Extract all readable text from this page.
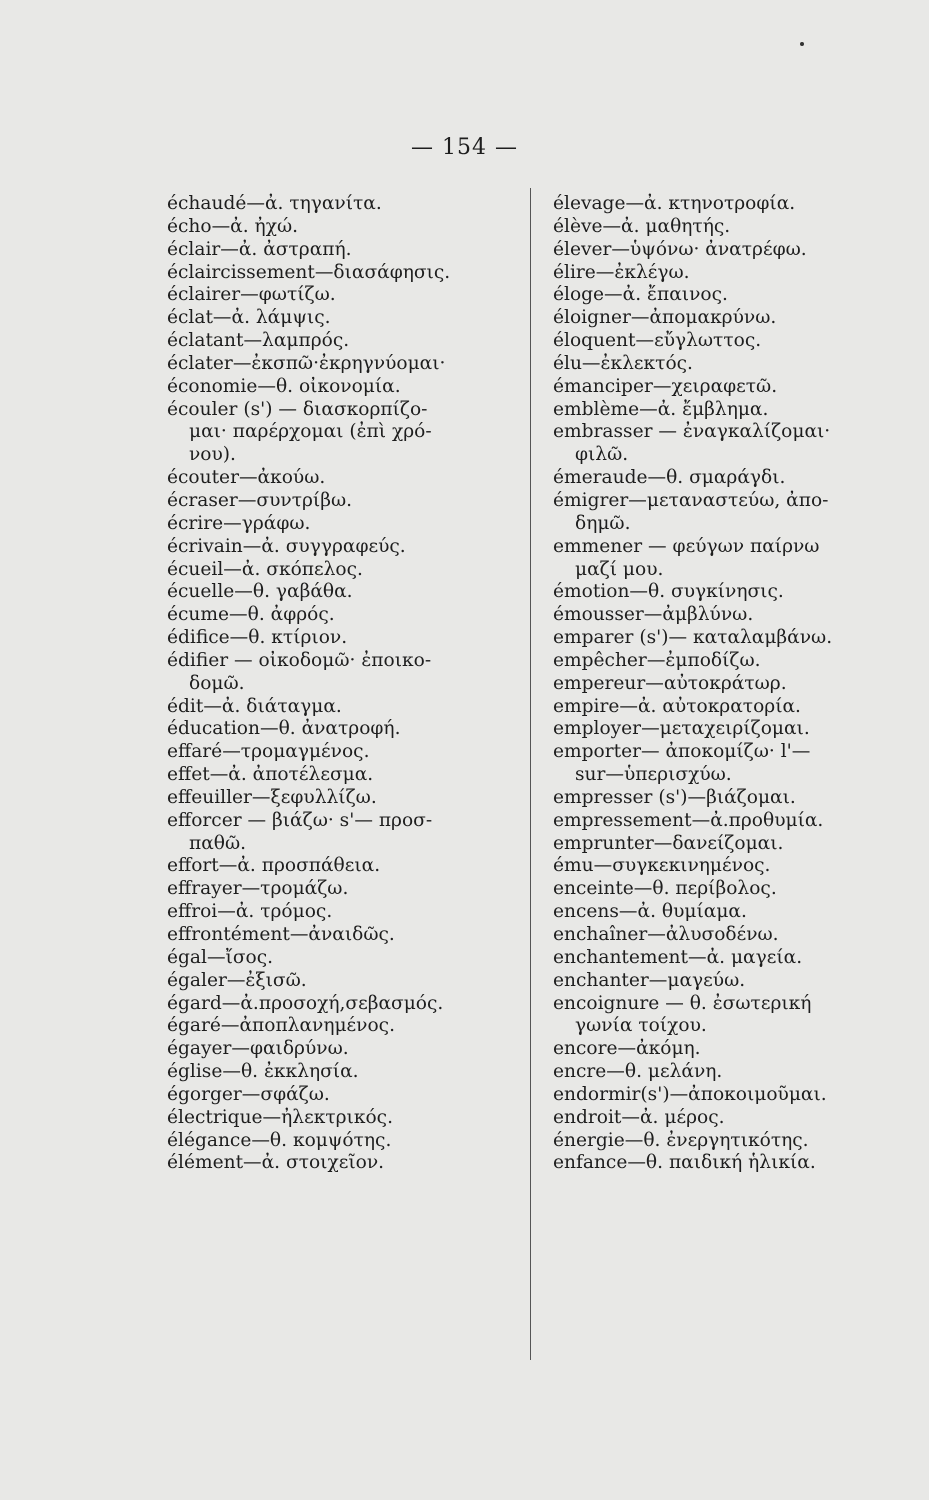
— 154 —
échaudé—ἀ. τηγανίτα.
écho—ἀ. ἠχώ.
éclair—ἀ. ἀστραπή.
éclaircissement—διασάφησις.
éclairer—φωτίζω.
éclat—ἀ. λάμψις.
éclatant—λαμπρός.
éclater—ἐκσπῶ·ἐκρηγνύομαι·
économie—θ. οἰκονομία.
écouler (s') — διασκορπίζο-
μαι· παρέρχομαι (ἐπὶ χρό-
νου).
écouter—ἀκούω.
écraser—συντρίβω.
écrire—γράφω.
écrivain—ἀ. συγγραφεύς.
écueil—ἀ. σκόπελος.
écuelle—θ. γαβάθα.
écume—θ. ἀφρός.
édifice—θ. κτίριον.
édifier — οἰκοδομῶ· ἐποικο-
δομῶ.
édit—ἀ. διάταγμα.
éducation—θ. ἀνατροφή.
effaré—τρομαγμένος.
effet—ἀ. ἀποτέλεσμα.
effeuiller—ξεφυλλίζω.
efforcer — βιάζω· s'— προσ-
παθῶ.
effort—ἀ. προσπάθεια.
effrayer—τρομάζω.
effroi—ἀ. τρόμος.
effrontément—ἀναιδῶς.
égal—ἴσος.
égaler—ἐξισῶ.
égard—ἀ.προσοχή,σεβασμός.
égaré—ἀποπλανημένος.
égayer—φαιδρύνω.
église—θ. ἐκκλησία.
égorger—σφάζω.
électrique—ἠλεκτρικός.
élégance—θ. κομψότης.
élément—ἀ. στοιχεῖον.
élevage—ἀ. κτηνοτροφία.
élève—ἀ. μαθητής.
élever—ὑψόνω· ἀνατρέφω.
élire—ἐκλέγω.
éloge—ἀ. ἔπαινος.
éloigner—ἀπομακρύνω.
éloquent—εὔγλωττος.
élu—ἐκλεκτός.
émanciper—χειραφετῶ.
emblème—ἀ. ἔμβλημα.
embrasser — ἐναγκαλίζομαι·
φιλῶ.
émeraude—θ. σμαράγδι.
émigrer—μεταναστεύω, ἀπο-
δημῶ.
emmener — φεύγων παίρνω
μαζί μου.
émotion—θ. συγκίνησις.
émousser—ἀμβλύνω.
emparer (s')— καταλαμβάνω.
empêcher—ἐμποδίζω.
empereur—αὐτοκράτωρ.
empire—ἀ. αὐτοκρατορία.
employer—μεταχειρίζομαι.
emporter— ἀποκομίζω· l'—
sur—ὑπερισχύω.
empresser (s')—βιάζομαι.
empressement—ἀ.προθυμία.
emprunter—δανείζομαι.
ému—συγκεκινημένος.
enceinte—θ. περίβολος.
encens—ἀ. θυμίαμα.
enchaîner—ἀλυσοδένω.
enchantement—ἀ. μαγεία.
enchanter—μαγεύω.
encoignure — θ. ἐσωτερική
γωνία τοίχου.
encore—ἀκόμη.
encre—θ. μελάνη.
endormir(s')—ἀποκοιμοῦμαι.
endroit—ἀ. μέρος.
énergie—θ. ἐνεργητικότης.
enfance—θ. παιδική ἡλικία.
